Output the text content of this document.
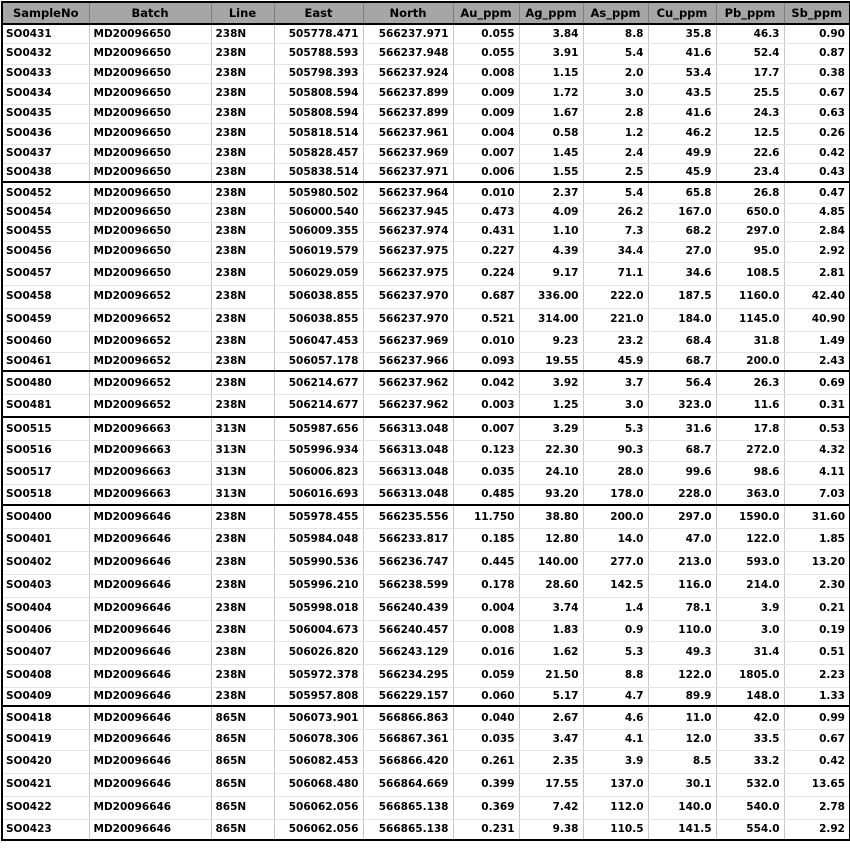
SampleNo	Batch	Line	East	North	Au_ppm	Ag_ppm	As_ppm	Cu_ppm	Pb_ppm	Sb_ppm
SO0431	MD20096650	238N	505778.471	566237.971	0.055	3.84	8.8	35.8	46.3	0.90
SO0432	MD20096650	238N	505788.593	566237.948	0.055	3.91	5.4	41.6	52.4	0.87
SO0433	MD20096650	238N	505798.393	566237.924	0.008	1.15	2.0	53.4	17.7	0.38
SO0434	MD20096650	238N	505808.594	566237.899	0.009	1.72	3.0	43.5	25.5	0.67
SO0435	MD20096650	238N	505808.594	566237.899	0.009	1.67	2.8	41.6	24.3	0.63
SO0436	MD20096650	238N	505818.514	566237.961	0.004	0.58	1.2	46.2	12.5	0.26
SO0437	MD20096650	238N	505828.457	566237.969	0.007	1.45	2.4	49.9	22.6	0.42
SO0438	MD20096650	238N	505838.514	566237.971	0.006	1.55	2.5	45.9	23.4	0.43
SO0452	MD20096650	238N	505980.502	566237.964	0.010	2.37	5.4	65.8	26.8	0.47
SO0454	MD20096650	238N	506000.540	566237.945	0.473	4.09	26.2	167.0	650.0	4.85
SO0455	MD20096650	238N	506009.355	566237.974	0.431	1.10	7.3	68.2	297.0	2.84
SO0456	MD20096650	238N	506019.579	566237.975	0.227	4.39	34.4	27.0	95.0	2.92
SO0457	MD20096650	238N	506029.059	566237.975	0.224	9.17	71.1	34.6	108.5	2.81
SO0458	MD20096652	238N	506038.855	566237.970	0.687	336.00	222.0	187.5	1160.0	42.40
SO0459	MD20096652	238N	506038.855	566237.970	0.521	314.00	221.0	184.0	1145.0	40.90
SO0460	MD20096652	238N	506047.453	566237.969	0.010	9.23	23.2	68.4	31.8	1.49
SO0461	MD20096652	238N	506057.178	566237.966	0.093	19.55	45.9	68.7	200.0	2.43
SO0480	MD20096652	238N	506214.677	566237.962	0.042	3.92	3.7	56.4	26.3	0.69
SO0481	MD20096652	238N	506214.677	566237.962	0.003	1.25	3.0	323.0	11.6	0.31
SO0515	MD20096663	313N	505987.656	566313.048	0.007	3.29	5.3	31.6	17.8	0.53
SO0516	MD20096663	313N	505996.934	566313.048	0.123	22.30	90.3	68.7	272.0	4.32
SO0517	MD20096663	313N	506006.823	566313.048	0.035	24.10	28.0	99.6	98.6	4.11
SO0518	MD20096663	313N	506016.693	566313.048	0.485	93.20	178.0	228.0	363.0	7.03
SO0400	MD20096646	238N	505978.455	566235.556	11.750	38.80	200.0	297.0	1590.0	31.60
SO0401	MD20096646	238N	505984.048	566233.817	0.185	12.80	14.0	47.0	122.0	1.85
SO0402	MD20096646	238N	505990.536	566236.747	0.445	140.00	277.0	213.0	593.0	13.20
SO0403	MD20096646	238N	505996.210	566238.599	0.178	28.60	142.5	116.0	214.0	2.30
SO0404	MD20096646	238N	505998.018	566240.439	0.004	3.74	1.4	78.1	3.9	0.21
SO0406	MD20096646	238N	506004.673	566240.457	0.008	1.83	0.9	110.0	3.0	0.19
SO0407	MD20096646	238N	506026.820	566243.129	0.016	1.62	5.3	49.3	31.4	0.51
SO0408	MD20096646	238N	505972.378	566234.295	0.059	21.50	8.8	122.0	1805.0	2.23
SO0409	MD20096646	238N	505957.808	566229.157	0.060	5.17	4.7	89.9	148.0	1.33
SO0418	MD20096646	865N	506073.901	566866.863	0.040	2.67	4.6	11.0	42.0	0.99
SO0419	MD20096646	865N	506078.306	566867.361	0.035	3.47	4.1	12.0	33.5	0.67
SO0420	MD20096646	865N	506082.453	566866.420	0.261	2.35	3.9	8.5	33.2	0.42
SO0421	MD20096646	865N	506068.480	566864.669	0.399	17.55	137.0	30.1	532.0	13.65
SO0422	MD20096646	865N	506062.056	566865.138	0.369	7.42	112.0	140.0	540.0	2.78
SO0423	MD20096646	865N	506062.056	566865.138	0.231	9.38	110.5	141.5	554.0	2.92
